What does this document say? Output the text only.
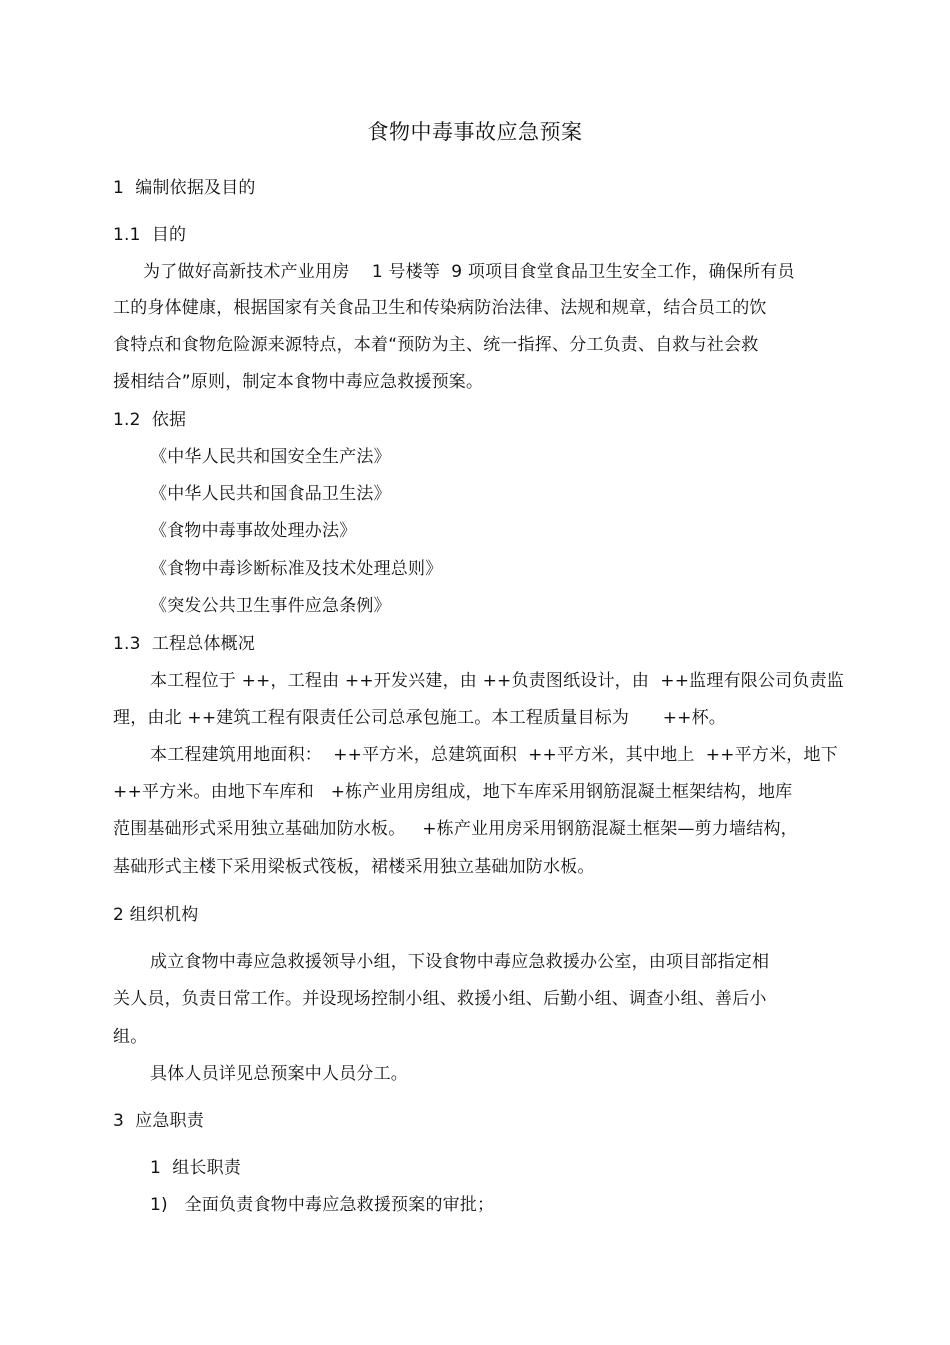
食物中毒事故应急预案
1  编制依据及目的
1.1  目的
为了做好高新技术产业用房    1 号楼等  9 项项目食堂食品卫生安全工作，确保所有员
工的身体健康，根据国家有关食品卫生和传染病防治法律、法规和规章，结合员工的饮
食特点和食物危险源来源特点，本着“预防为主、统一指挥、分工负责、自救与社会救
援相结合”原则，制定本食物中毒应急救援预案。
1.2  依据
《中华人民共和国安全生产法》
《中华人民共和国食品卫生法》
《食物中毒事故处理办法》
《食物中毒诊断标准及技术处理总则》
《突发公共卫生事件应急条例》
1.3  工程总体概况
本工程位于 ++，工程由 ++开发兴建，由 ++负责图纸设计，由  ++监理有限公司负责监
理，由北 ++建筑工程有限责任公司总承包施工。本工程质量目标为      ++杯。
本工程建筑用地面积：  ++平方米，总建筑面积  ++平方米，其中地上  ++平方米，地下
++平方米。由地下车库和   +栋产业用房组成，地下车库采用钢筋混凝土框架结构，地库
范围基础形式采用独立基础加防水板。   +栋产业用房采用钢筋混凝土框架—剪力墙结构，
基础形式主楼下采用梁板式筏板，裙楼采用独立基础加防水板。
2 组织机构
成立食物中毒应急救援领导小组，下设食物中毒应急救援办公室，由项目部指定相
关人员，负责日常工作。并设现场控制小组、救援小组、后勤小组、调查小组、善后小
组。
具体人员详见总预案中人员分工。
3  应急职责
1  组长职责
1)   全面负责食物中毒应急救援预案的审批；
